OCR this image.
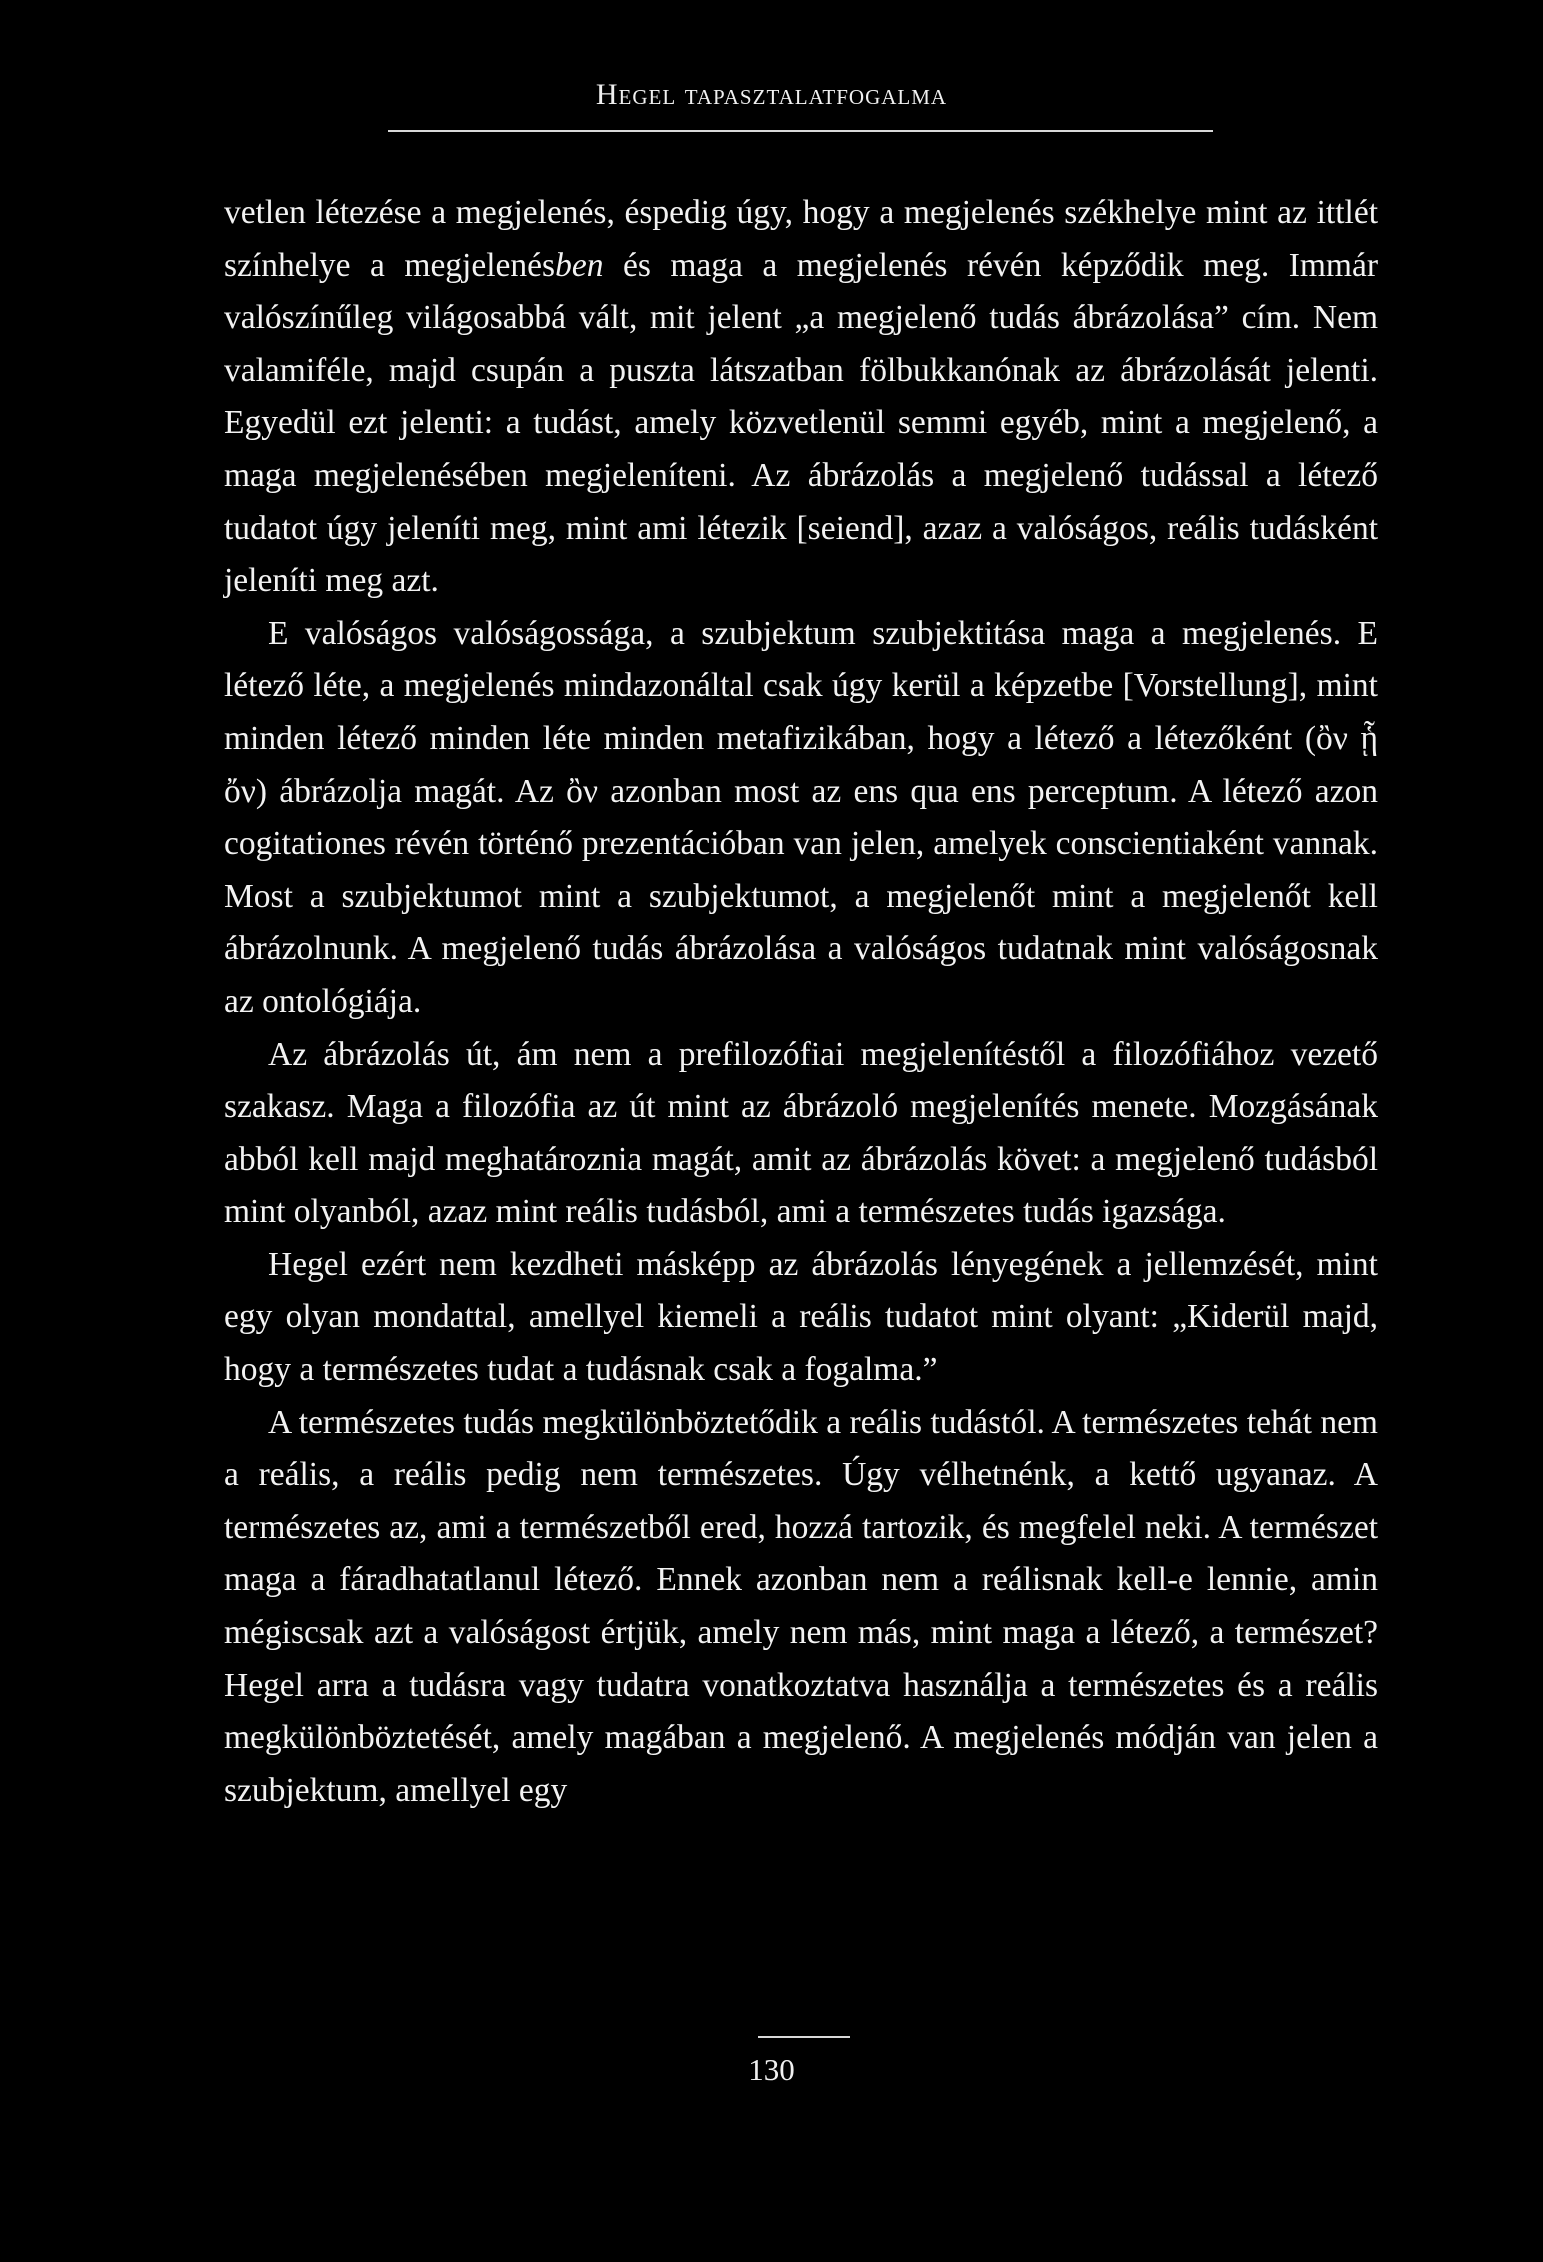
Hegel tapasztalatfogalma

vetlen létezése a megjelenés, éspedig úgy, hogy a megjelenés székhelye mint az ittlét színhelye a megjelenésben és maga a megjelenés révén képződik meg. Immár valószínűleg világosabbá vált, mit jelent „a megjelenő tudás ábrázolása” cím. Nem valamiféle, majd csupán a puszta látszatban fölbukkanónak az ábrázolását jelenti. Egyedül ezt jelenti: a tudást, amely közvetlenül semmi egyéb, mint a megjelenő, a maga megjelenésében megjeleníteni. Az ábrázolás a megjelenő tudással a létező tudatot úgy jeleníti meg, mint ami létezik [seiend], azaz a valóságos, reális tudásként jeleníti meg azt.

E valóságos valóságossága, a szubjektum szubjektitása maga a megjelenés. E létező léte, a megjelenés mindazonáltal csak úgy kerül a képzetbe [Vorstellung], mint minden létező minden léte minden metafizikában, hogy a létező a létezőként (ὂν ᾗ ὄν) ábrázolja magát. Az ὂν azonban most az ens qua ens perceptum. A létező azon cogitationes révén történő prezentációban van jelen, amelyek conscientiaként vannak. Most a szubjektumot mint a szubjektumot, a megjelenőt mint a megjelenőt kell ábrázolnunk. A megjelenő tudás ábrázolása a valóságos tudatnak mint valóságosnak az ontológiája.

Az ábrázolás út, ám nem a prefilozófiai megjelenítéstől a filozófiához vezető szakasz. Maga a filozófia az út mint az ábrázoló megjelenítés menete. Mozgásának abból kell majd meghatároznia magát, amit az ábrázolás követ: a megjelenő tudásból mint olyanból, azaz mint reális tudásból, ami a természetes tudás igazsága.

Hegel ezért nem kezdheti másképp az ábrázolás lényegének a jellemzését, mint egy olyan mondattal, amellyel kiemeli a reális tudatot mint olyant: „Kiderül majd, hogy a természetes tudat a tudásnak csak a fogalma.”

A természetes tudás megkülönböztetődik a reális tudástól. A természetes tehát nem a reális, a reális pedig nem természetes. Úgy vélhetnénk, a kettő ugyanaz. A természetes az, ami a természetből ered, hozzá tartozik, és megfelel neki. A természet maga a fáradhatatlanul létező. Ennek azonban nem a reálisnak kell-e lennie, amin mégiscsak azt a valóságost értjük, amely nem más, mint maga a létező, a természet? Hegel arra a tudásra vagy tudatra vonatkoztatva használja a természetes és a reális megkülönböztetését, amely magában a megjelenő. A megjelenés módján van jelen a szubjektum, amellyel egy

130
